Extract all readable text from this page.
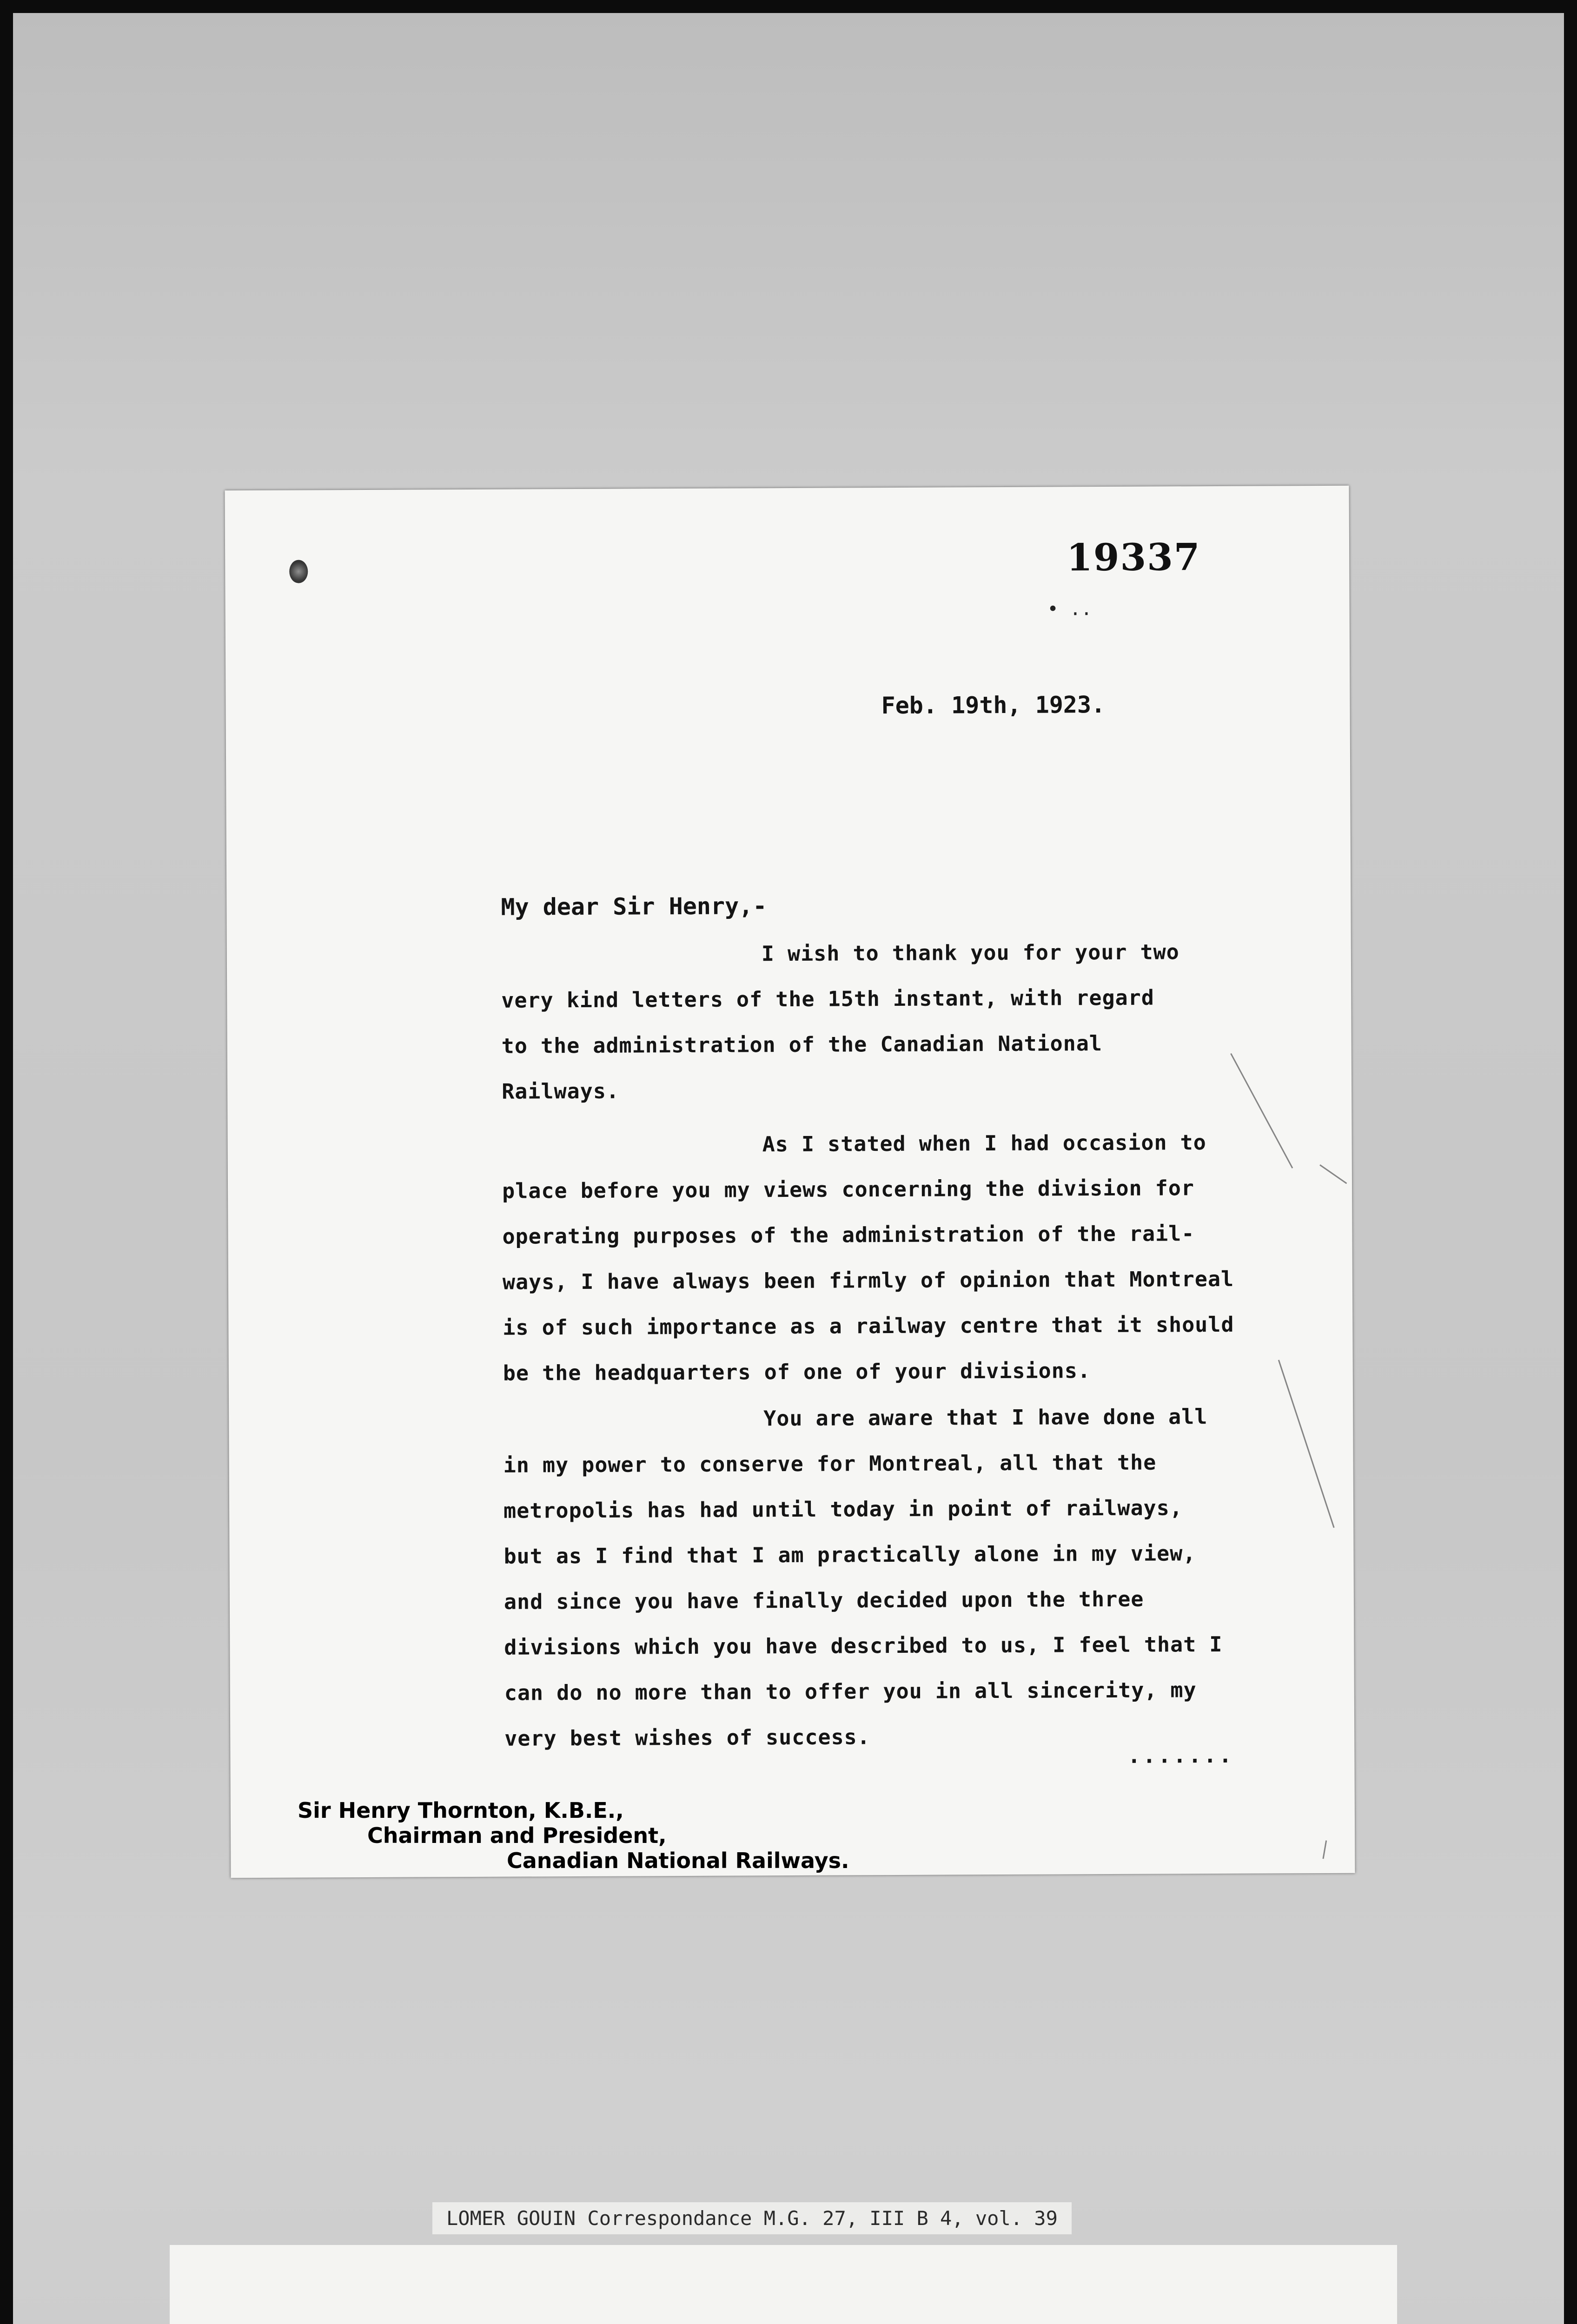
19337
• ..
Feb. 19th, 1923.
My dear Sir Henry,-
I wish to thank you for your two
very kind letters of the 15th instant, with regard
to the administration of the Canadian National
Railways.
As I stated when I had occasion to
place before you my views concerning the division for
operating purposes of the administration of the rail-
ways, I have always been firmly of opinion that Montreal
is of such importance as a railway centre that it should
be the headquarters of one of your divisions.
You are aware that I have done all
in my power to conserve for Montreal, all that the
metropolis has had until today in point of railways,
but as I find that I am practically alone in my view,
and since you have finally decided upon the three
divisions which you have described to us, I feel that I
can do no more than to offer you in all sincerity, my
very best wishes of success.
.......
Sir Henry Thornton, K.B.E.,
Chairman and President,
Canadian National Railways.
LOMER GOUIN Correspondance M.G. 27, III B 4, vol. 39
